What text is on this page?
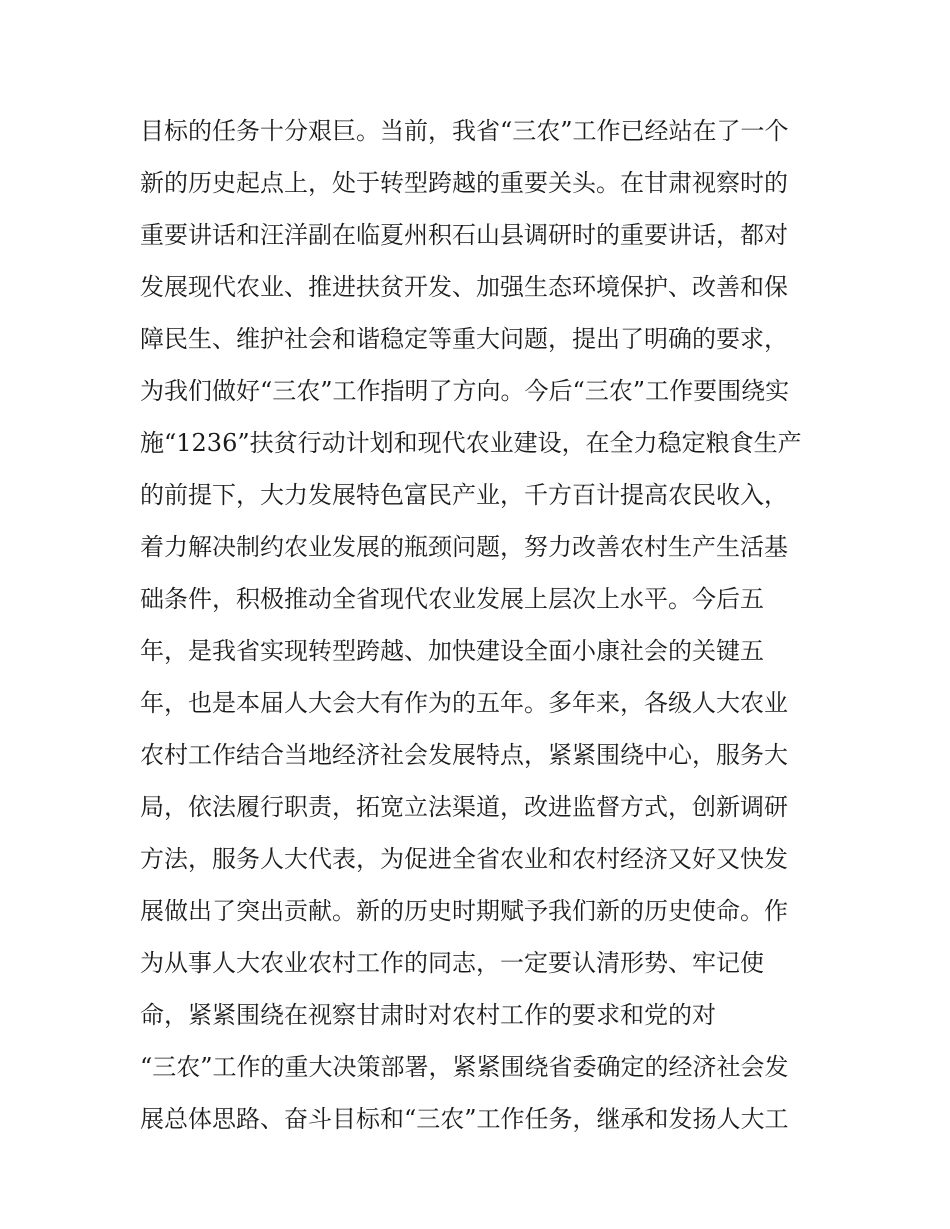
目标的任务十分艰巨。当前，我省“三农”工作已经站在了一个
新的历史起点上，处于转型跨越的重要关头。在甘肃视察时的
重要讲话和汪洋副在临夏州积石山县调研时的重要讲话，都对
发展现代农业、推进扶贫开发、加强生态环境保护、改善和保
障民生、维护社会和谐稳定等重大问题，提出了明确的要求，
为我们做好“三农”工作指明了方向。今后“三农”工作要围绕实
施“1236”扶贫行动计划和现代农业建设，在全力稳定粮食生产
的前提下，大力发展特色富民产业，千方百计提高农民收入，
着力解决制约农业发展的瓶颈问题，努力改善农村生产生活基
础条件，积极推动全省现代农业发展上层次上水平。今后五
年，是我省实现转型跨越、加快建设全面小康社会的关键五
年，也是本届人大会大有作为的五年。多年来，各级人大农业
农村工作结合当地经济社会发展特点，紧紧围绕中心，服务大
局，依法履行职责，拓宽立法渠道，改进监督方式，创新调研
方法，服务人大代表，为促进全省农业和农村经济又好又快发
展做出了突出贡献。新的历史时期赋予我们新的历史使命。作
为从事人大农业农村工作的同志，一定要认清形势、牢记使
命，紧紧围绕在视察甘肃时对农村工作的要求和党的对
“三农”工作的重大决策部署，紧紧围绕省委确定的经济社会发
展总体思路、奋斗目标和“三农”工作任务，继承和发扬人大工
